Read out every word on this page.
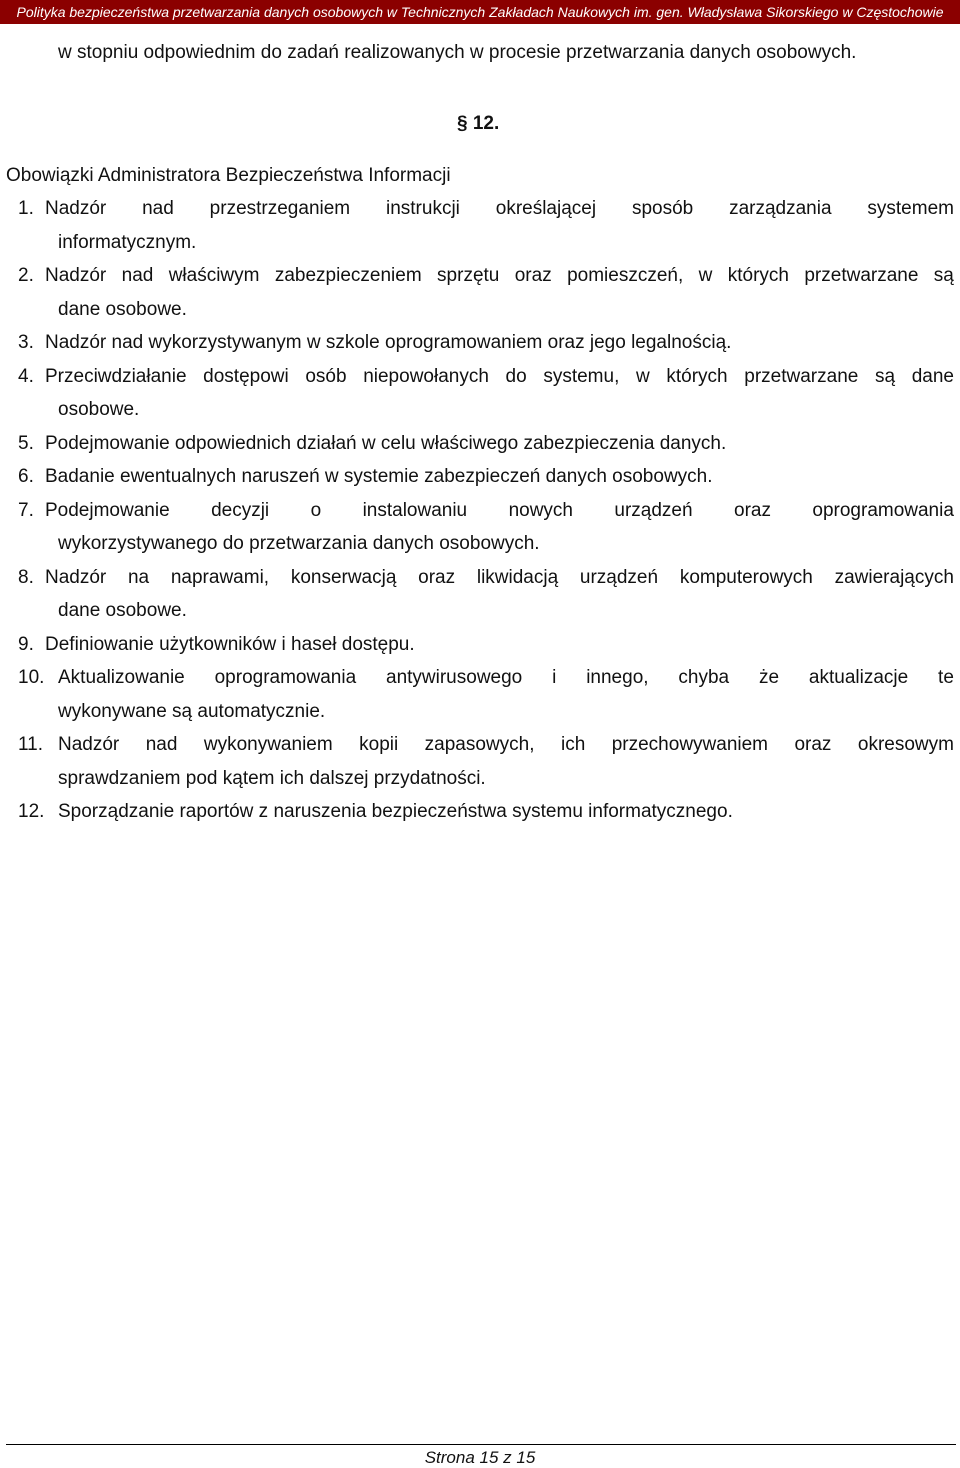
Polityka bezpieczeństwa przetwarzania danych osobowych w Technicznych Zakładach Naukowych im. gen. Władysława Sikorskiego w Częstochowie
w stopniu odpowiednim do zadań realizowanych w procesie przetwarzania danych osobowych.
§ 12.
Obowiązki Administratora Bezpieczeństwa Informacji
1. Nadzór nad przestrzeganiem instrukcji określającej sposób zarządzania systemem
informatycznym.
2. Nadzór nad właściwym zabezpieczeniem sprzętu oraz pomieszczeń, w których przetwarzane są
dane osobowe.
3. Nadzór nad wykorzystywanym w szkole oprogramowaniem oraz jego legalnością.
4. Przeciwdziałanie dostępowi osób niepowołanych do systemu, w których przetwarzane są dane
osobowe.
5. Podejmowanie odpowiednich działań w celu właściwego zabezpieczenia danych.
6. Badanie ewentualnych naruszeń w systemie zabezpieczeń danych osobowych.
7. Podejmowanie decyzji o instalowaniu nowych urządzeń oraz oprogramowania
wykorzystywanego do przetwarzania danych osobowych.
8. Nadzór na naprawami, konserwacją oraz likwidacją urządzeń komputerowych zawierających
dane osobowe.
9. Definiowanie użytkowników i haseł dostępu.
10. Aktualizowanie oprogramowania antywirusowego i innego, chyba że aktualizacje te
wykonywane są automatycznie.
11. Nadzór nad wykonywaniem kopii zapasowych, ich przechowywaniem oraz okresowym
sprawdzaniem pod kątem ich dalszej przydatności.
12. Sporządzanie raportów z naruszenia bezpieczeństwa systemu informatycznego.
Strona 15 z 15
